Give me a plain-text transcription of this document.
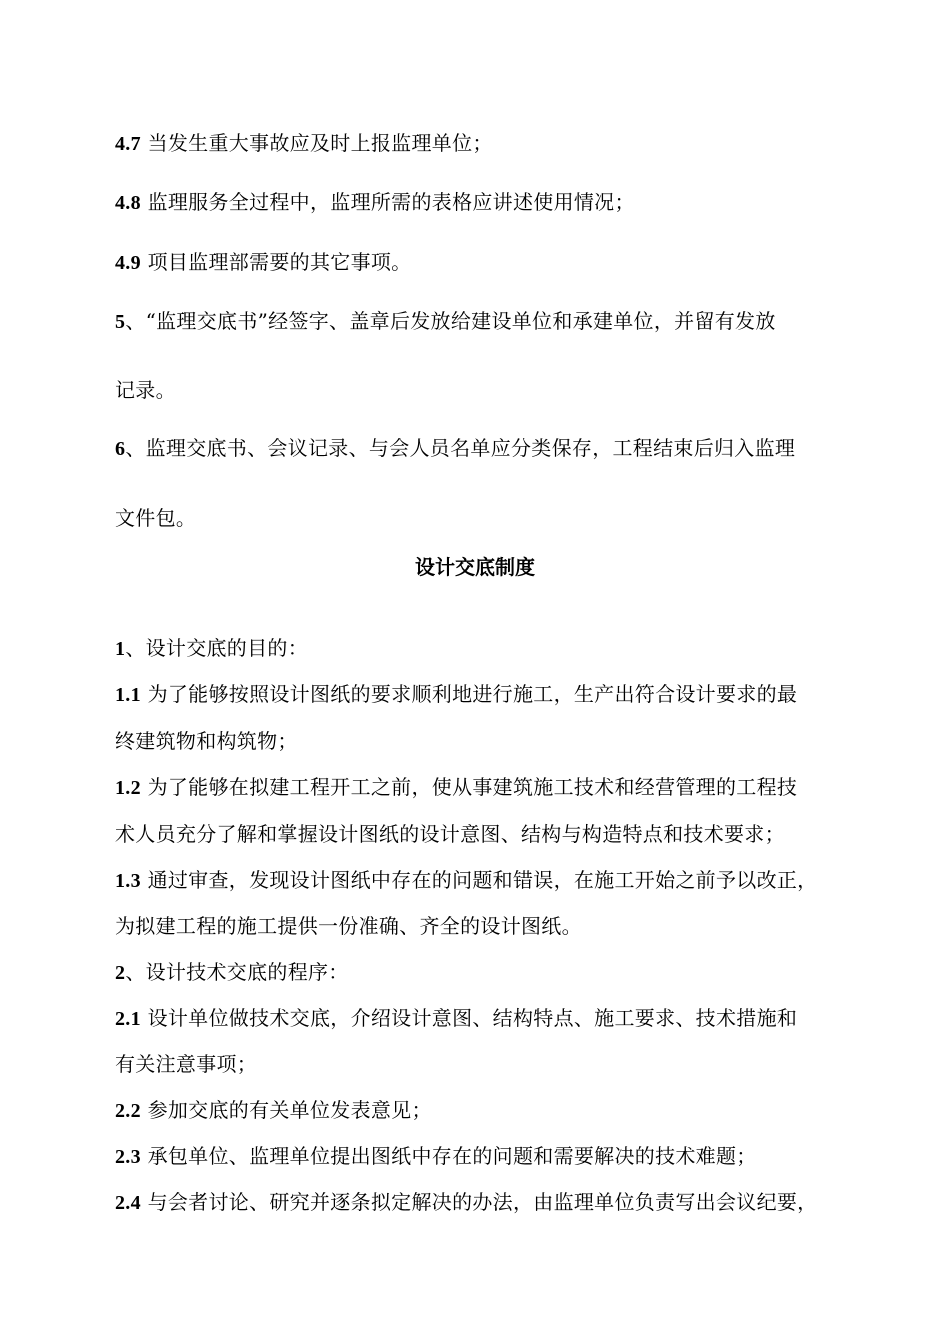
4.7 当发生重大事故应及时上报监理单位；
4.8 监理服务全过程中，监理所需的表格应讲述使用情况；
4.9 项目监理部需要的其它事项。
5、“监理交底书”经签字、盖章后发放给建设单位和承建单位，并留有发放
记录。
6、监理交底书、会议记录、与会人员名单应分类保存，工程结束后归入监理
文件包。
设计交底制度
1、设计交底的目的：
1.1 为了能够按照设计图纸的要求顺利地进行施工，生产出符合设计要求的最
终建筑物和构筑物；
1.2 为了能够在拟建工程开工之前，使从事建筑施工技术和经营管理的工程技
术人员充分了解和掌握设计图纸的设计意图、结构与构造特点和技术要求；
1.3 通过审查，发现设计图纸中存在的问题和错误，在施工开始之前予以改正，
为拟建工程的施工提供一份准确、齐全的设计图纸。
2、设计技术交底的程序：
2.1 设计单位做技术交底，介绍设计意图、结构特点、施工要求、技术措施和
有关注意事项；
2.2 参加交底的有关单位发表意见；
2.3 承包单位、监理单位提出图纸中存在的问题和需要解决的技术难题；
2.4 与会者讨论、研究并逐条拟定解决的办法，由监理单位负责写出会议纪要，
